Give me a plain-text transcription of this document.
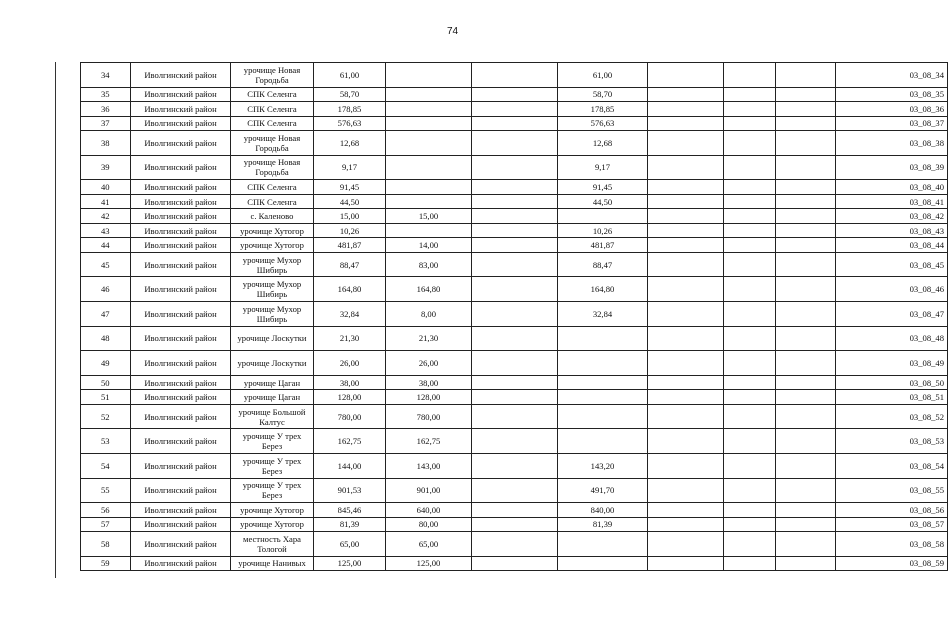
74
34	Иволгинский район	урочище Новая Городьба	61,00			61,00				03_08_34
35	Иволгинский район	СПК Селенга	58,70			58,70				03_08_35
36	Иволгинский район	СПК Селенга	178,85			178,85				03_08_36
37	Иволгинский район	СПК Селенга	576,63			576,63				03_08_37
38	Иволгинский район	урочище Новая Городьба	12,68			12,68				03_08_38
39	Иволгинский район	урочище Новая Городьба	9,17			9,17				03_08_39
40	Иволгинский район	СПК Селенга	91,45			91,45				03_08_40
41	Иволгинский район	СПК Селенга	44,50			44,50				03_08_41
42	Иволгинский район	с. Каленово	15,00	15,00						03_08_42
43	Иволгинский район	урочище Хутогор	10,26			10,26				03_08_43
44	Иволгинский район	урочище Хутогор	481,87	14,00		481,87				03_08_44
45	Иволгинский район	урочище Мухор Шибирь	88,47	83,00		88,47				03_08_45
46	Иволгинский район	урочище Мухор Шибирь	164,80	164,80		164,80				03_08_46
47	Иволгинский район	урочище Мухор Шибирь	32,84	8,00		32,84				03_08_47
48	Иволгинский район	урочище Лоскутки	21,30	21,30						03_08_48
49	Иволгинский район	урочище Лоскутки	26,00	26,00						03_08_49
50	Иволгинский район	урочище Цаган	38,00	38,00						03_08_50
51	Иволгинский район	урочище Цаган	128,00	128,00						03_08_51
52	Иволгинский район	урочище Большой Калтус	780,00	780,00						03_08_52
53	Иволгинский район	урочище У трех Берез	162,75	162,75						03_08_53
54	Иволгинский район	урочище У трех Берез	144,00	143,00		143,20				03_08_54
55	Иволгинский район	урочище У трех Берез	901,53	901,00		491,70				03_08_55
56	Иволгинский район	урочище Хутогор	845,46	640,00		840,00				03_08_56
57	Иволгинский район	урочище Хутогор	81,39	80,00		81,39				03_08_57
58	Иволгинский район	местность Хара Тологой	65,00	65,00						03_08_58
59	Иволгинский район	урочище Нанивых	125,00	125,00						03_08_59
